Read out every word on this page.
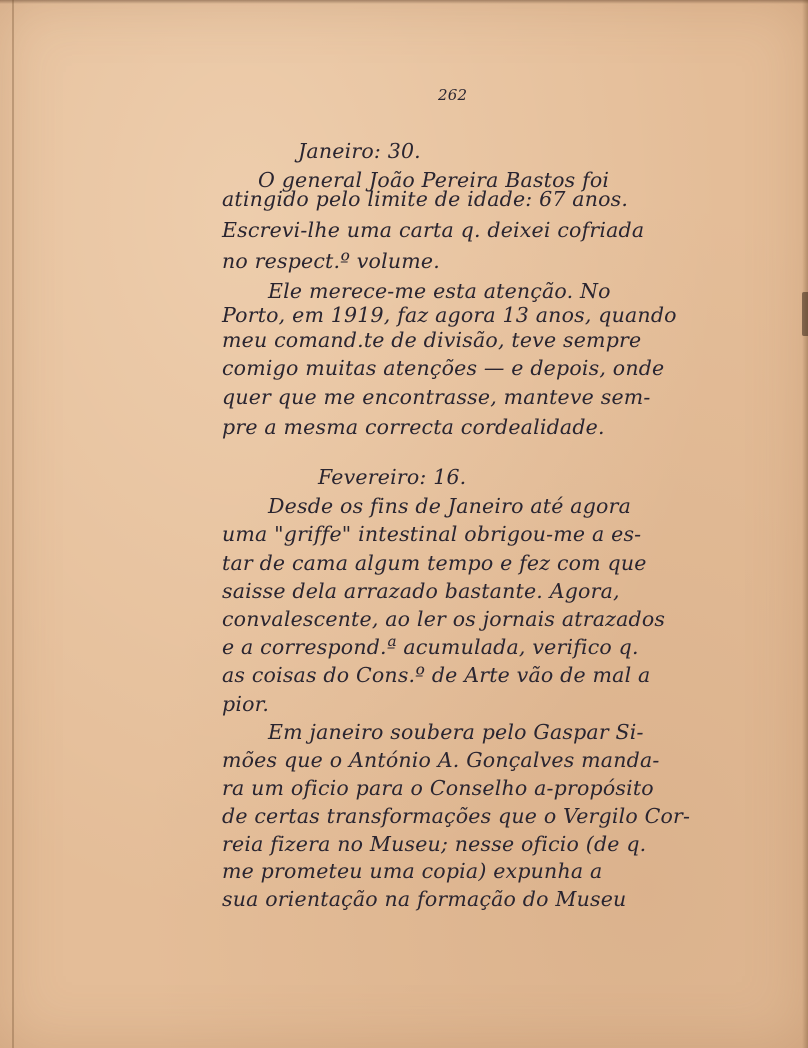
262
Janeiro: 30.
O general João Pereira Bastos foi
atingido pelo limite de idade: 67 anos.
Escrevi-lhe uma carta q. deixei cofriada
no respect.º volume.
Ele merece-me esta atenção. No
Porto, em 1919, faz agora 13 anos, quando
meu comand.te de divisão, teve sempre
comigo muitas atenções — e depois, onde
quer que me encontrasse, manteve sem-
pre a mesma correcta cordealidade.
Fevereiro: 16.
Desde os fins de Janeiro até agora
uma "griffe" intestinal obrigou-me a es-
tar de cama algum tempo e fez com que
saisse dela arrazado bastante. Agora,
convalescente, ao ler os jornais atrazados
e a correspond.ª acumulada, verifico q.
as coisas do Cons.º de Arte vão de mal a
pior.
Em janeiro soubera pelo Gaspar Si-
mões que o António A. Gonçalves manda-
ra um oficio para o Conselho a-propósito
de certas transformações que o Vergilo Cor-
reia fizera no Museu; nesse oficio (de q.
me prometeu uma copia) expunha a
sua orientação na formação do Museu
